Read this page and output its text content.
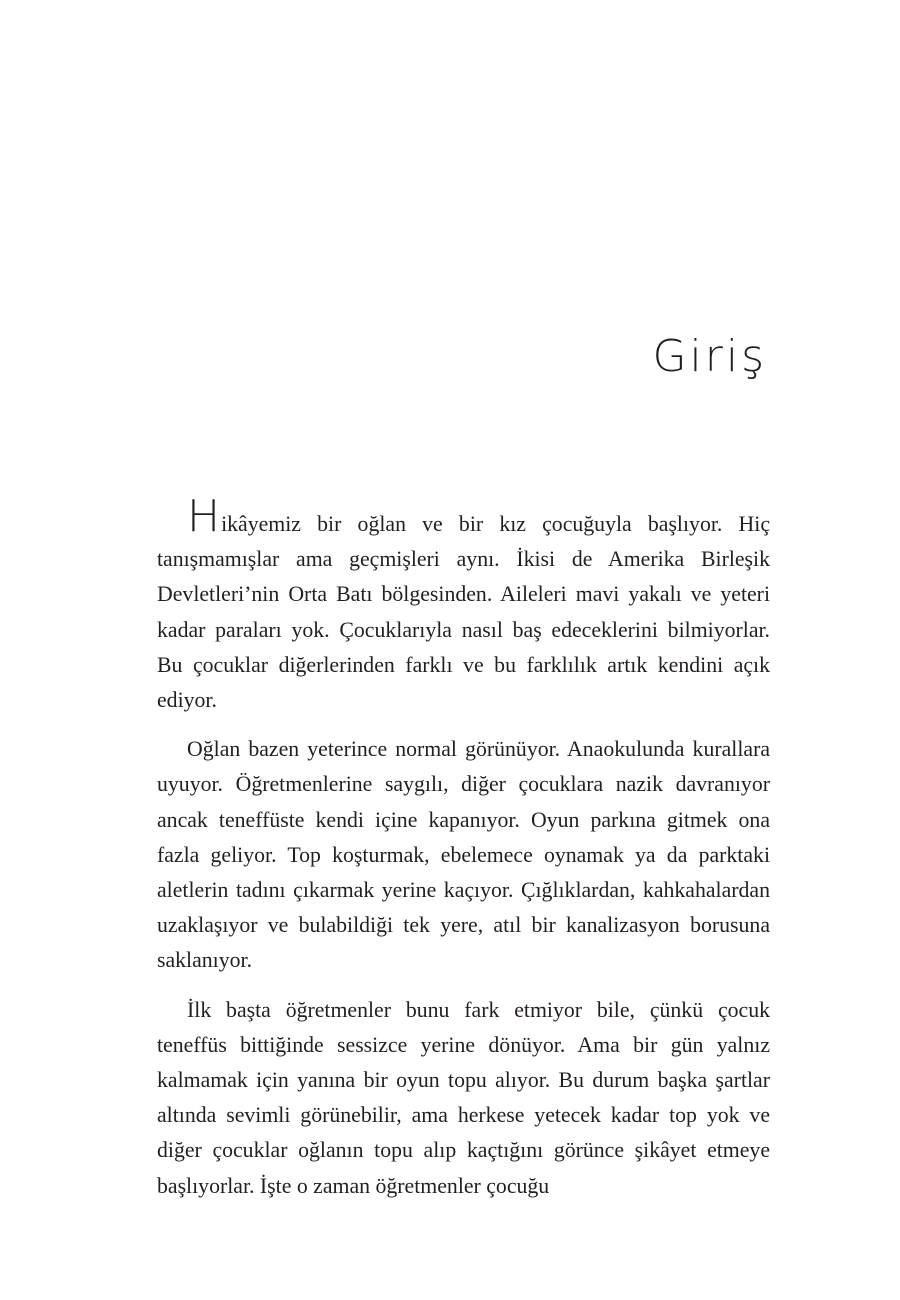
Giriş

Hikâyemiz bir oğlan ve bir kız çocuğuyla başlıyor. Hiç tanışmamışlar ama geçmişleri aynı. İkisi de Amerika Birleşik Devletleri’nin Orta Batı bölgesinden. Aileleri mavi yakalı ve yeteri kadar paraları yok. Çocuklarıyla nasıl baş edeceklerini bilmiyorlar. Bu çocuklar diğerlerinden farklı ve bu farklılık artık kendini açık ediyor.

Oğlan bazen yeterince normal görünüyor. Anaokulunda kurallara uyuyor. Öğretmenlerine saygılı, diğer çocuklara nazik davranıyor ancak teneffüste kendi içine kapanıyor. Oyun parkına gitmek ona fazla geliyor. Top koşturmak, ebelemece oynamak ya da parktaki aletlerin tadını çıkarmak yerine kaçıyor. Çığlıklardan, kahkahalardan uzaklaşıyor ve bulabildiği tek yere, atıl bir kanalizasyon borusuna saklanıyor.

İlk başta öğretmenler bunu fark etmiyor bile, çünkü çocuk teneffüs bittiğinde sessizce yerine dönüyor. Ama bir gün yalnız kalmamak için yanına bir oyun topu alıyor. Bu durum başka şartlar altında sevimli görünebilir, ama herkese yetecek kadar top yok ve diğer çocuklar oğlanın topu alıp kaçtığını görünce şikâyet etmeye başlıyorlar. İşte o zaman öğretmenler çocuğu
